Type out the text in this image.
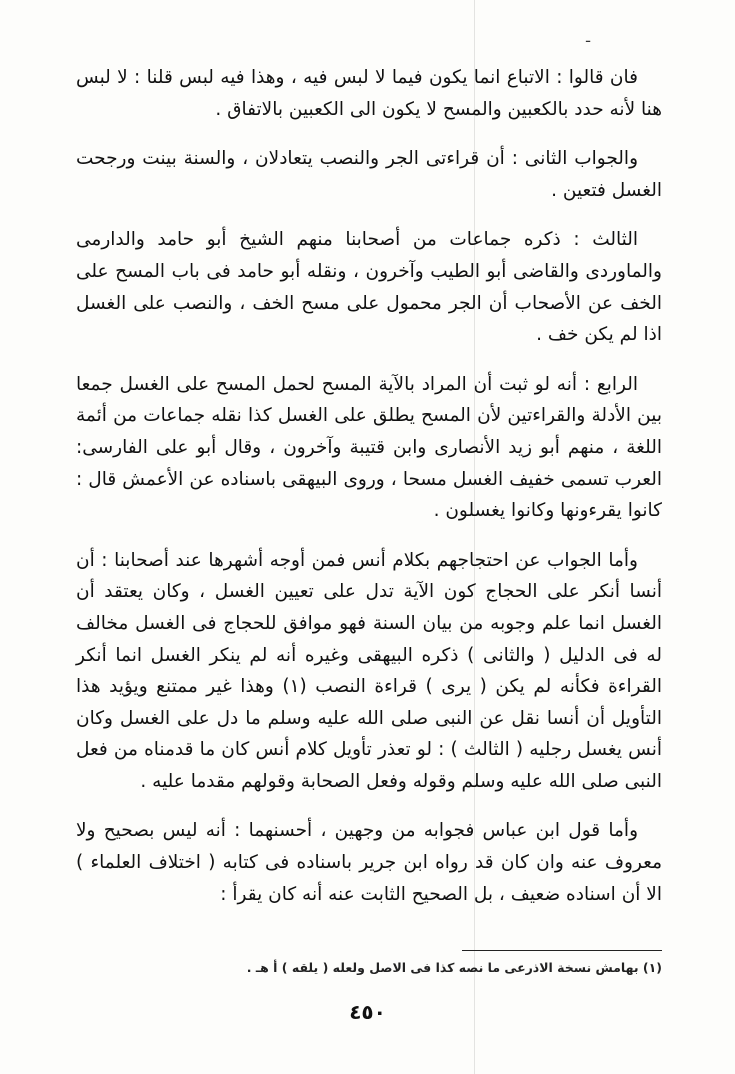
ـ

فان قالوا : الاتباع انما يكون فيما لا لبس فيه ، وهذا فيه لبس قلنا : لا لبس هنا لأنه حدد بالكعبين والمسح لا يكون الى الكعبين بالاتفاق .

والجواب الثانى : أن قراءتى الجر والنصب يتعادلان ، والسنة بينت ورجحت الغسل فتعين .

الثالث : ذكره جماعات من أصحابنا منهم الشيخ أبو حامد والدارمى والماوردى والقاضى أبو الطيب وآخرون ، ونقله أبو حامد فى باب المسح على الخف عن الأصحاب أن الجر محمول على مسح الخف ، والنصب على الغسل اذا لم يكن خف .

الرابع : أنه لو ثبت أن المراد بالآية المسح لحمل المسح على الغسل جمعا بين الأدلة والقراءتين لأن المسح يطلق على الغسل كذا نقله جماعات من أئمة اللغة ، منهم أبو زيد الأنصارى وابن قتيبة وآخرون ، وقال أبو على الفارسى: العرب تسمى خفيف الغسل مسحا ، وروى البيهقى باسناده عن الأعمش قال : كانوا يقرءونها وكانوا يغسلون .

وأما الجواب عن احتجاجهم بكلام أنس فمن أوجه أشهرها عند أصحابنا : أن أنسا أنكر على الحجاج كون الآية تدل على تعيين الغسل ، وكان يعتقد أن الغسل انما علم وجوبه من بيان السنة فهو موافق للحجاج فى الغسل مخالف له فى الدليل ( والثانى ) ذكره البيهقى وغيره أنه لم ينكر الغسل انما أنكر القراءة فكأنه لم يكن ( يرى ) قراءة النصب (١) وهذا غير ممتنع ويؤيد هذا التأويل أن أنسا نقل عن النبى صلى الله عليه وسلم ما دل على الغسل وكان أنس يغسل رجليه ( الثالث ) : لو تعذر تأويل كلام أنس كان ما قدمناه من فعل النبى صلى الله عليه وسلم وقوله وفعل الصحابة وقولهم مقدما عليه .

وأما قول ابن عباس فجوابه من وجهين ، أحسنهما : أنه ليس بصحيح ولا معروف عنه وان كان قد رواه ابن جرير باسناده فى كتابه ( اختلاف العلماء ) الا أن اسناده ضعيف ، بل الصحيح الثابت عنه أنه كان يقرأ :

(١) بهامش نسخة الاذرعى ما نصه كذا فى الاصل ولعله ( يلقه ) أ هـ .
٤٥٠
